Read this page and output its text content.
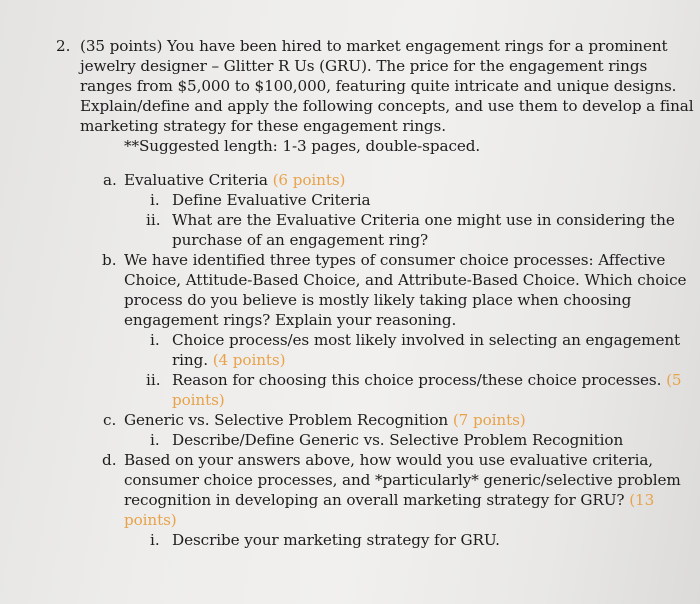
2. (35 points) You have been hired to market engagement rings for a prominent
jewelry designer – Glitter R Us (GRU). The price for the engagement rings
ranges from $5,000 to $100,000, featuring quite intricate and unique designs.
Explain/define and apply the following concepts, and use them to develop a final
marketing strategy for these engagement rings.
**Suggested length: 1-3 pages, double-spaced.
a. Evaluative Criteria (6 points)
i. Define Evaluative Criteria
ii. What are the Evaluative Criteria one might use in considering the
purchase of an engagement ring?
b. We have identified three types of consumer choice processes: Affective
Choice, Attitude-Based Choice, and Attribute-Based Choice. Which choice
process do you believe is mostly likely taking place when choosing
engagement rings? Explain your reasoning.
i. Choice process/es most likely involved in selecting an engagement
ring. (4 points)
ii. Reason for choosing this choice process/these choice processes. (5
points)
c. Generic vs. Selective Problem Recognition (7 points)
i. Describe/Define Generic vs. Selective Problem Recognition
d. Based on your answers above, how would you use evaluative criteria,
consumer choice processes, and *particularly* generic/selective problem
recognition in developing an overall marketing strategy for GRU? (13
points)
i. Describe your marketing strategy for GRU.
